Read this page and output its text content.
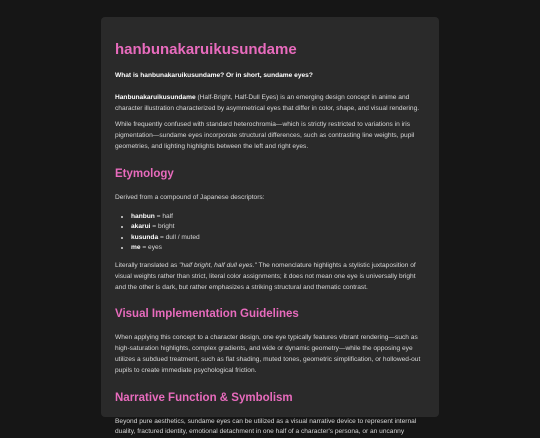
hanbunakaruikusundame

What is hanbunakaruikusundame? Or in short, sundame eyes?

Hanbunakaruikusundame (Half-Bright, Half-Dull Eyes) is an emerging design concept in anime and character illustration characterized by asymmetrical eyes that differ in color, shape, and visual rendering.

While frequently confused with standard heterochromia—which is strictly restricted to variations in iris pigmentation—sundame eyes incorporate structural differences, such as contrasting line weights, pupil geometries, and lighting highlights between the left and right eyes.

Etymology

Derived from a compound of Japanese descriptors:

• hanbun = half
• akarui = bright
• kusunda = dull / muted
• me = eyes

Literally translated as "half bright, half dull eyes." The nomenclature highlights a stylistic juxtaposition of visual weights rather than strict, literal color assignments; it does not mean one eye is universally bright and the other is dark, but rather emphasizes a striking structural and thematic contrast.

Visual Implementation Guidelines

When applying this concept to a character design, one eye typically features vibrant rendering—such as high-saturation highlights, complex gradients, and wide or dynamic geometry—while the opposing eye utilizes a subdued treatment, such as flat shading, muted tones, geometric simplification, or hollowed-out pupils to create immediate psychological friction.

Narrative Function & Symbolism

Beyond pure aesthetics, sundame eyes can be utilized as a visual narrative device to represent internal duality, fractured identity, emotional detachment in one half of a character's persona, or an uncanny
